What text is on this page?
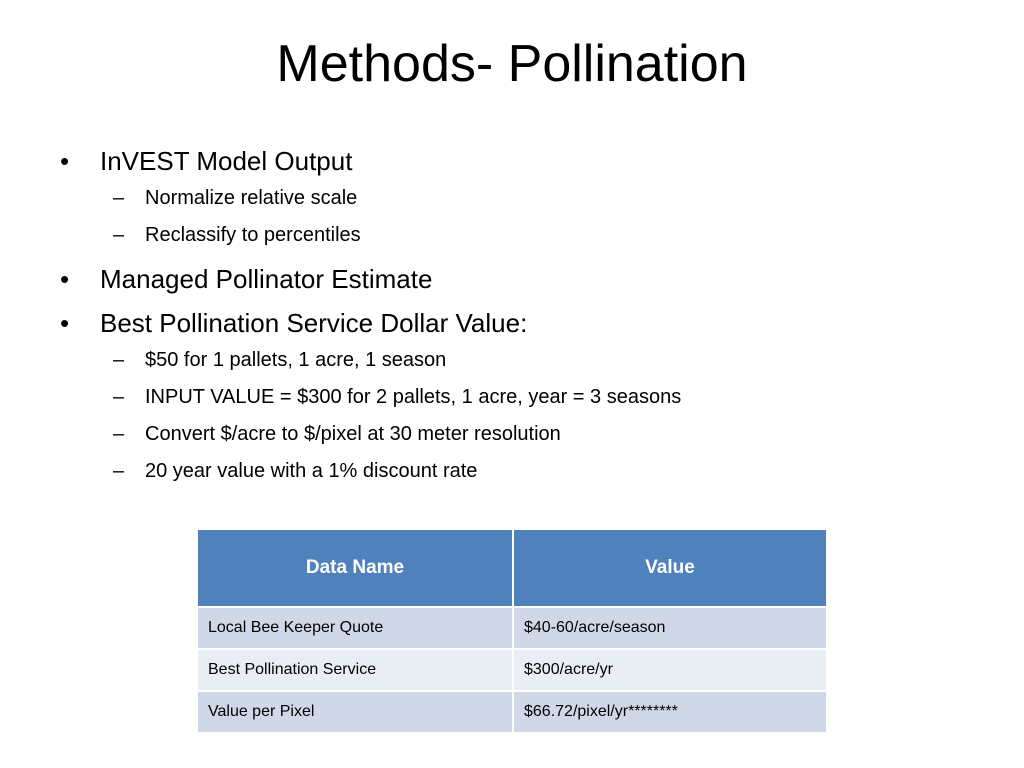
Methods- Pollination
•	InVEST Model Output
–	Normalize relative scale
–	Reclassify to percentiles
•	Managed Pollinator Estimate
•	Best Pollination Service Dollar Value:
–	$50 for 1 pallets, 1 acre, 1 season
–	INPUT VALUE = $300 for 2 pallets, 1 acre, year = 3 seasons
–	Convert $/acre to $/pixel at 30 meter resolution
–	20 year value with a 1% discount rate
Data Name	Value
Local Bee Keeper Quote	$40-60/acre/season
Best Pollination Service	$300/acre/yr
Value per Pixel	$66.72/pixel/yr********
